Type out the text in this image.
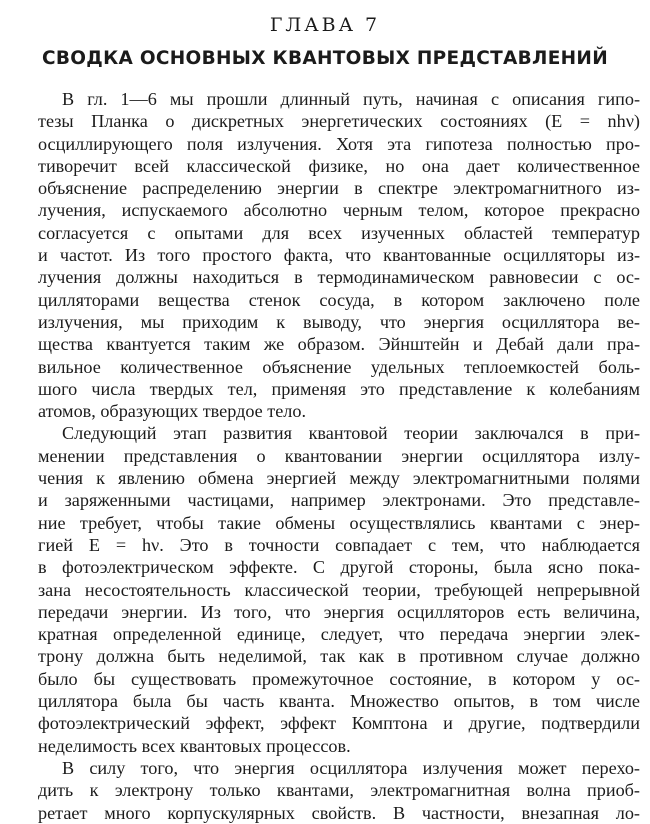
ГЛАВА 7
СВОДКА ОСНОВНЫХ КВАНТОВЫХ ПРЕДСТАВЛЕНИЙ
В гл. 1—6 мы прошли длинный путь, начиная с описания гипо-
тезы Планка о дискретных энергетических состояниях (E = nhν)
осциллирующего поля излучения. Хотя эта гипотеза полностью про-
тиворечит всей классической физике, но она дает количественное
объяснение распределению энергии в спектре электромагнитного из-
лучения, испускаемого абсолютно черным телом, которое прекрасно
согласуется с опытами для всех изученных областей температур
и частот. Из того простого факта, что квантованные осцилляторы из-
лучения должны находиться в термодинамическом равновесии с ос-
цилляторами вещества стенок сосуда, в котором заключено поле
излучения, мы приходим к выводу, что энергия осциллятора ве-
щества квантуется таким же образом. Эйнштейн и Дебай дали пра-
вильное количественное объяснение удельных теплоемкостей боль-
шого числа твердых тел, применяя это представление к колебаниям
атомов, образующих твердое тело.
Следующий этап развития квантовой теории заключался в при-
менении представления о квантовании энергии осциллятора излу-
чения к явлению обмена энергией между электромагнитными полями
и заряженными частицами, например электронами. Это представле-
ние требует, чтобы такие обмены осуществлялись квантами с энер-
гией E = hν. Это в точности совпадает с тем, что наблюдается
в фотоэлектрическом эффекте. С другой стороны, была ясно пока-
зана несостоятельность классической теории, требующей непрерывной
передачи энергии. Из того, что энергия осцилляторов есть величина,
кратная определенной единице, следует, что передача энергии элек-
трону должна быть неделимой, так как в противном случае должно
было бы существовать промежуточное состояние, в котором у ос-
циллятора была бы часть кванта. Множество опытов, в том числе
фотоэлектрический эффект, эффект Комптона и другие, подтвердили
неделимость всех квантовых процессов.
В силу того, что энергия осциллятора излучения может перехо-
дить к электрону только квантами, электромагнитная волна приоб-
ретает много корпускулярных свойств. В частности, внезапная ло-
